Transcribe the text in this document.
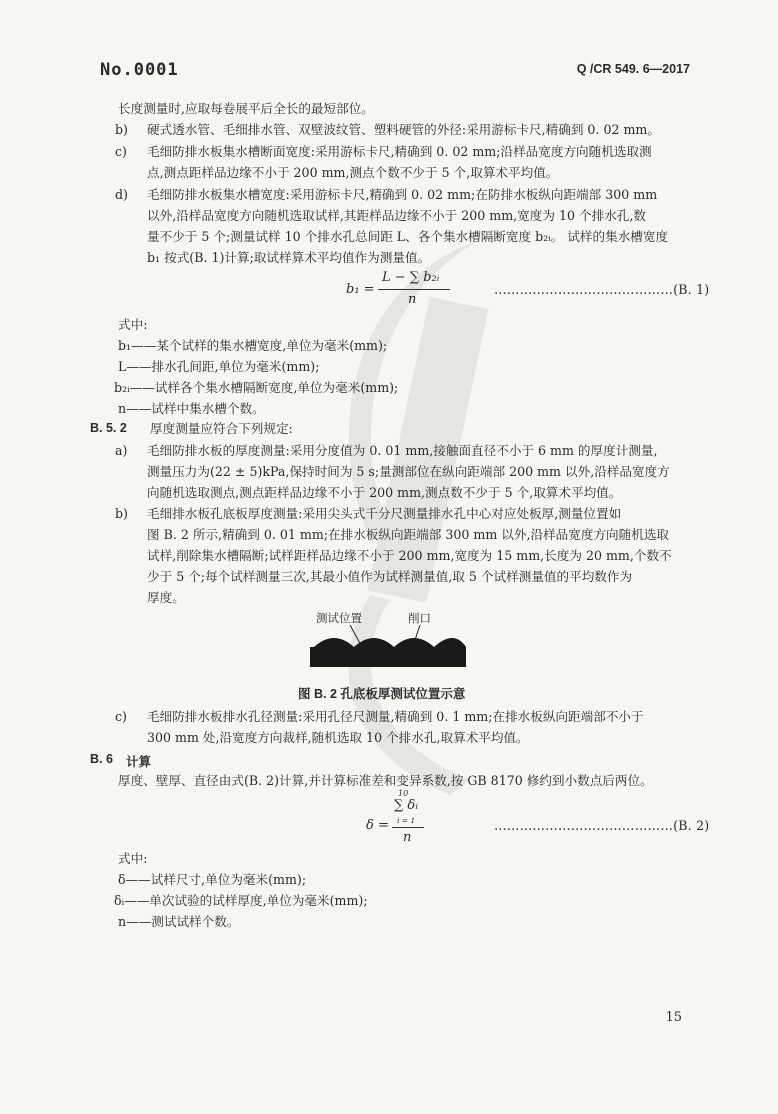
No.0001	Q /CR 549. 6—2017
长度测量时,应取每卷展平后全长的最短部位。
b) 硬式透水管、毛细排水管、双壁波纹管、塑料硬管的外径:采用游标卡尺,精确到 0. 02 mm。
c) 毛细防排水板集水槽断面宽度:采用游标卡尺,精确到 0. 02 mm;沿样品宽度方向随机选取测
点,测点距样品边缘不小于 200 mm,测点个数不少于 5 个,取算术平均值。
d) 毛细防排水板集水槽宽度:采用游标卡尺,精确到 0. 02 mm;在防排水板纵向距端部 300 mm
以外,沿样品宽度方向随机选取试样,其距样品边缘不小于 200 mm,宽度为 10 个排水孔,数
量不少于 5 个;测量试样 10 个排水孔总间距 L、各个集水槽隔断宽度 b₂ᵢ。 试样的集水槽宽度
b₁ 按式(B. 1)计算;取试样算术平均值作为测量值。
b₁ =
L − ∑ b₂ᵢ
n
……………………………………(B. 1)
式中:
b₁——某个试样的集水槽宽度,单位为毫米(mm);
L——排水孔间距,单位为毫米(mm);
b₂ᵢ——试样各个集水槽隔断宽度,单位为毫米(mm);
n——试样中集水槽个数。
B. 5. 2 厚度测量应符合下列规定:
a) 毛细防排水板的厚度测量:采用分度值为 0. 01 mm,接触面直径不小于 6 mm 的厚度计测量,
测量压力为(22 ± 5)kPa,保持时间为 5 s;量测部位在纵向距端部 200 mm 以外,沿样品宽度方
向随机选取测点,测点距样品边缘不小于 200 mm,测点数不少于 5 个,取算术平均值。
b) 毛细排水板孔底板厚度测量:采用尖头式千分尺测量排水孔中心对应处板厚,测量位置如
图 B. 2 所示,精确到 0. 01 mm;在排水板纵向距端部 300 mm 以外,沿样品宽度方向随机选取
试样,削除集水槽隔断;试样距样品边缘不小于 200 mm,宽度为 15 mm,长度为 20 mm,个数不
少于 5 个;每个试样测量三次,其最小值作为试样测量值,取 5 个试样测量值的平均数作为
厚度。
测试位置	削口
图 B. 2 孔底板厚测试位置示意
c) 毛细防排水板排水孔径测量:采用孔径尺测量,精确到 0. 1 mm;在排水板纵向距端部不小于
300 mm 处,沿宽度方向裁样,随机选取 10 个排水孔,取算术平均值。
B. 6 计算
厚度、壁厚、直径由式(B. 2)计算,并计算标准差和变异系数,按 GB 8170 修约到小数点后两位。
10
δ =
∑ δᵢ
i = 1
n
……………………………………(B. 2)
式中:
δ——试样尺寸,单位为毫米(mm);
δᵢ——单次试验的试样厚度,单位为毫米(mm);
n——测试试样个数。
15
